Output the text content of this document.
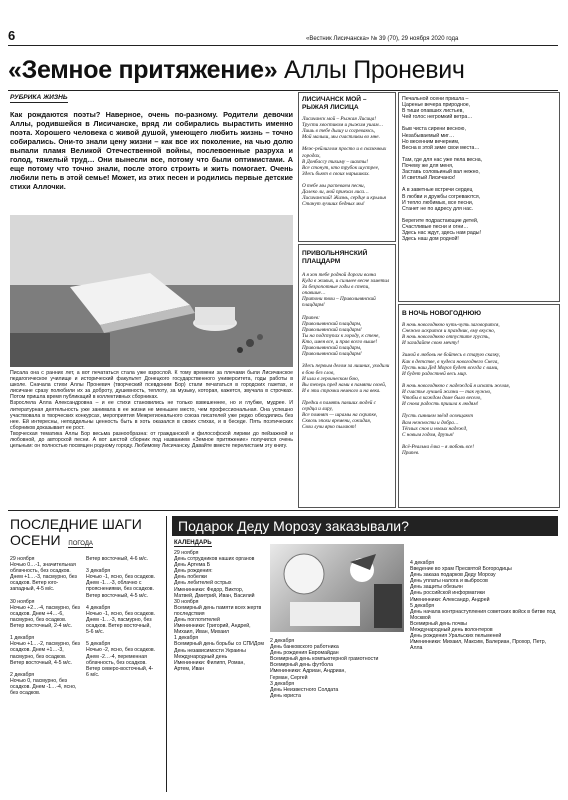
6	«Вестник Лисичанска» № 39 (70), 29 ноября 2020 года
«Земное притяжение» Аллы Проневич
РУБРИКА ЖИЗНЬ
Как рождаются поэты? Наверное, очень по-разному. Родители девочки Аллы, родившейся в Лисичанске, вряд ли собирались вырастить именно поэта. Хорошего человека с живой душой, умеющего любить жизнь – точно собирались. Они-то знали цену жизни – как все их поколение, на чью долю выпали пламя Великой Отечественной войны, послевоенные разруха и голод, тяжелый труд… Они вынесли все, потому что были оптимистами. А еще потому что точно знали, после этого строить и жить помогает. Очень любили петь в этой семье! Может, из этих песен и родились первые детские стихи Аллочки.
Писала она с ранних лет, а вот печататься стала уже взрослой. К тому времени за плечами были Лисичанское педагогическое училище и исторический факультет Донецкого государственного университета, годы работы в школе. Сначала стихи Аллы Проневич (творческий псевдоним Бор) стали печататься в городских газетах, и лисичане сразу полюбили их за доброту, душевность, теплоту, за музыку, которая, кажется, звучала в строчках. Потом пришла время публикаций в коллективных сборниках.
Взрослела Алла Александровна – и ее стихи становились не только взвешеннее, но и глубже, мудрее. И литературная деятельность уже занимала в ее жизни не меньшее место, чем профессиональная. Она успешно участвовала в творческих конкурсах, мероприятия Межрегионального союза писателей уже редко обходились без нее. Ей интересны, неподдельны ценность быть в хоть оказался в своих стихах, и в беседе. Пять поэтических сборников доказывает ее рост.
Творческая тематика Аллы Бор весьма разнообразна: от гражданской и философской лирики до пейзажной и любовной, до авторской песни. А вот шестой сборник под названием «Земное притяжение» получился очень цельным: он полностью посвящен родному городу. Любимому Лисичанску. Давайте вместе перелистаем эту книгу.
ЛИСИЧАНСК МОЙ – РЫЖАЯ ЛИСИЦА
Лисичанск мой – Рыжая Лисица!
Трусти хвостиком и рыжим ушам…
Лишь в тебе дышу и согреваюсь,
Мой малыш, мы счастливы во мне.

Меж-рейлиглом просто и в сказочных городах,
В Донбассу тихиму – шахты!
Все стонут, кто трубок шустрее,
Здесь бьют в своих нарышках.

О тебе мы распеваем песни,
Далеко ли, мой приехал лиса…
Лисичанский! Жизнь, сердце и крылья
Станут лучших бедных мы!
ПРИВОЛЬНЯНСКИЙ ПЛАЦДАРМ
А я хоч тебе родной дороги волна
Куда в живых, и сильнее весне заметил
За безропотные годы в степи, опавшие…
Притони твои – Привольнянский плацдарм!

Припев:
Привольнянский плацдарм, Привольнянский плацдарм!
Ты на подступах к городу, к стене,
Кто, имея все, и прав всего выше!
Привольнянский плацдарм,
Привольнянский плацдарм!

Здесь первым делом за лишних, уходили в бою без слов,
И шли в героическом бою,
Вы теперь пред нами в памяти своей,
И в эти строчки немного и на века.

Предки в память павших людей с сердца и лиру,
Все помнят — шрамы на скрипке,
Сквозь эпохи времени, ожидая,
Свои лучи ярко пылают!
Печальной осени пришла –
Царенье вечера природное,
В тиши опавших листьев,
Чей голос негромкий ветра…

Быв чиста сирени весною,
Незабываемый миг…
Но весенним вечерним,
Весна в этой зиме свои места…

Там, где для нас уже пела весна,
Почему же для меня,
Заставь соловьиный вал нежно,
И светлый Лисичанск!

А в заветные встречи сердец
В любви и дружбы согреваются,
И тепло любимых, все песни,
Станет не по адресу для нас.

Берегите подрастающие детей,
Счастливые песни и огни…
Здесь нас ждут, здесь нам рады!
Здесь наш дом родной!
В НОЧЬ НОВОГОДНЮЮ
В ночь новогоднюю чуть-чуть заговорится,
Снежно искрится и праздник, ему вкусно,
В ночь новогоднюю отпустите грусть,
И загадайте свою мечту!

Зимой в любовь не бойтесь в старую сказку,
Как в детстве, в чудеса новогоднего Снега,
Пусть наш Дед Мороз будет всегда с вами,
И будет радостней весь мир.

В ночь новогоднюю с надеждой я искать желая,
И счастье лучшей жизни — так нужно,
Чтобы в каждом доме было весело,
И снова радость пришла к людям!

Пусть сиянием звёзд освещают
Вам нежности и добра…
Тёплых снов и новых надежд,
С новым годом, друзья!

Всё-Реальна ёлка – я любовь все!
Припев.
ПОСЛЕДНИЕ ШАГИ
ОСЕНИ ПОГОДА
29 ноября
Ночью 0…-1, значительная облачность, без осадков. Днем +1…-3, пасмурно, без осадков. Ветер юго-западный, 4-5 м/с.

30 ноября
Ночью +2…-4, пасмурно, без осадков. Днем +4…-6, пасмурно, без осадков. Ветер восточный, 2-4 м/с.

1 декабря
Ночью +1…-2, пасмурно, без осадков. Днем +1…-3, пасмурно, без осадков. Ветер восточный, 4-5 м/с.

2 декабря
Ночью 0, пасмурно, без осадков. Днем -1…-4, ясно, без осадков.
Ветер восточный, 4-6 м/с.

3 декабря
Ночью -1, ясно, без осадков. Днем -1…-3, облачно с прояснениями, без осадков. Ветер восточный, 4-5 м/с.

4 декабря
Ночью -1, ясно, без осадков. Днем -1…-3, пасмурно, без осадков. Ветер восточный, 5-6 м/с.

5 декабря
Ночью -2, ясно, без осадков. Днем -2…-4, переменная облачность, без осадков. Ветер северо-восточный, 4-6 м/с.
Подарок Деду Морозу заказывали?
КАЛЕНДАРЬ
29 ноября
День сотрудников наших органов
День Артема Б
День рождения:
День побелки
День лебителей острых
Именинники: Федор, Виктор,
Матвей, Дмитрий, Иван, Василий
30 ноября
Всемирный день памяти всех жертв
последствия
День поглотителей
Именинники: Григорий, Андрей, Михаил, Иван, Михаил
1 декабря
Всемирный день борьбы со СПИДом
День независимости Украины
Международный день
Именинники: Филипп, Роман,
Артем, Иван
2 декабря
День банковского работника
День рождения Евромайдан
Всемирный день компьютерной грамотности
Всемирный день футбола
Именинники: Адриан, Андриан,
Герман, Сергей
3 декабря
День Неизвестного Солдата
День юриста
4 декабря
Введение во храм Пресвятой Богородицы
День заказа подарков Деду Морозу
День уплаты налога и выбросов
День защиты обезьян
День российской информатики
Именинники: Александр, Андрей
5 декабря
День начала контрнаступления советских войск в битве под Москвой
Всемирный день почвы
Международный день волонтеров
День рождения Уральских пельменей
Именинники: Михаил, Максим, Валериан, Прохор, Петр, Алла
